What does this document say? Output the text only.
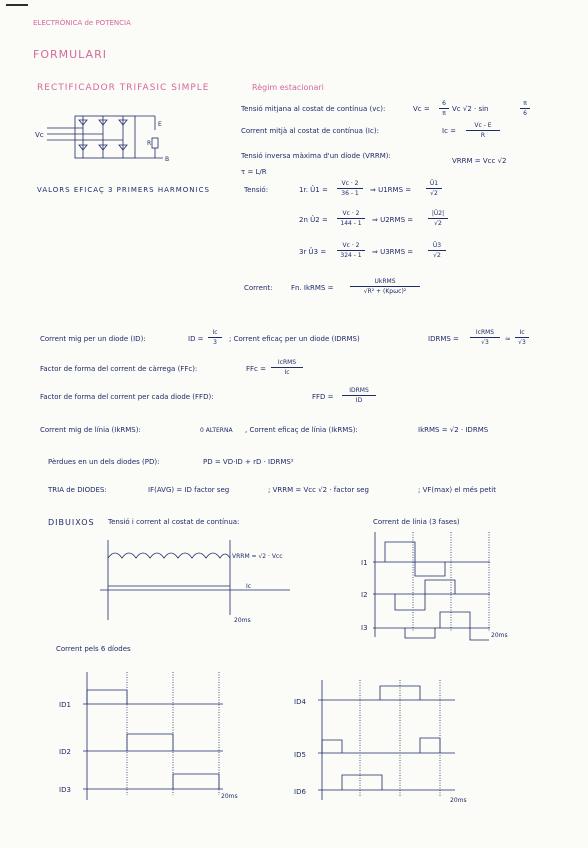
ELECTRÒNICA de POTENCIA
FORMULARI
RECTIFICADOR TRIFASIC SIMPLE	Règim estacionari
Vc
E
R
B
Tensió mitjana al costat de contínua (vc):	Vc =
6
π
Vc √2 · sin
π
6
Corrent mitjà al costat de contínua (Ic):	Ic =
Vc - E
R
Tensió inversa màxima d'un díode (VRRM):
VRRM = Vcc √2
τ = L/R
VALORS EFICAÇ 3 PRIMERS HARMONICS	Tensió:	1r. Û1 =
Vc · 2
36 - 1	⇒ U1RMS =
Û1
√2
2n Û2 =
Vc · 2
144 - 1	⇒ U2RMS =
|Û2|
√2
3r Û3 =
Vc · 2
324 - 1	⇒ U3RMS =
Û3
√2
Corrent:	Fn. IkRMS =
UkRMS
√R² + (Kpωc)²
Corrent mig per un diode (ID):	ID =
Ic
3	; Corrent eficaç per un diode (IDRMS)	IDRMS =
IcRMS
√3	≃
Ic
√3
Factor de forma del corrent de càrrega (FFc):	FFc =
IcRMS
Ic
Factor de forma del corrent per cada diode (FFD):	FFD =
IDRMS
ID
Corrent mig de línia (IkRMS):	0 ALTERNA , Corrent eficaç de línia (IkRMS):	IkRMS = √2 · IDRMS
Pèrdues en un dels diodes (PD):	PD = VD·ID + rD · IDRMS²
TRIA de DIODES:	IF(AVG) = ID factor seg	; VRRM = Vcc √2 · factor seg	; VF(max) el més petit
DIBUIXOS Tensió i corrent al costat de contínua:	Corrent de línia (3 fases)
VRRM = √2 · Vcc
Ic
20ms
I1
I2
I3
20ms
Corrent pels 6 díodes
ID1
ID2
ID3
20ms
ID4
ID5
ID6
20ms
